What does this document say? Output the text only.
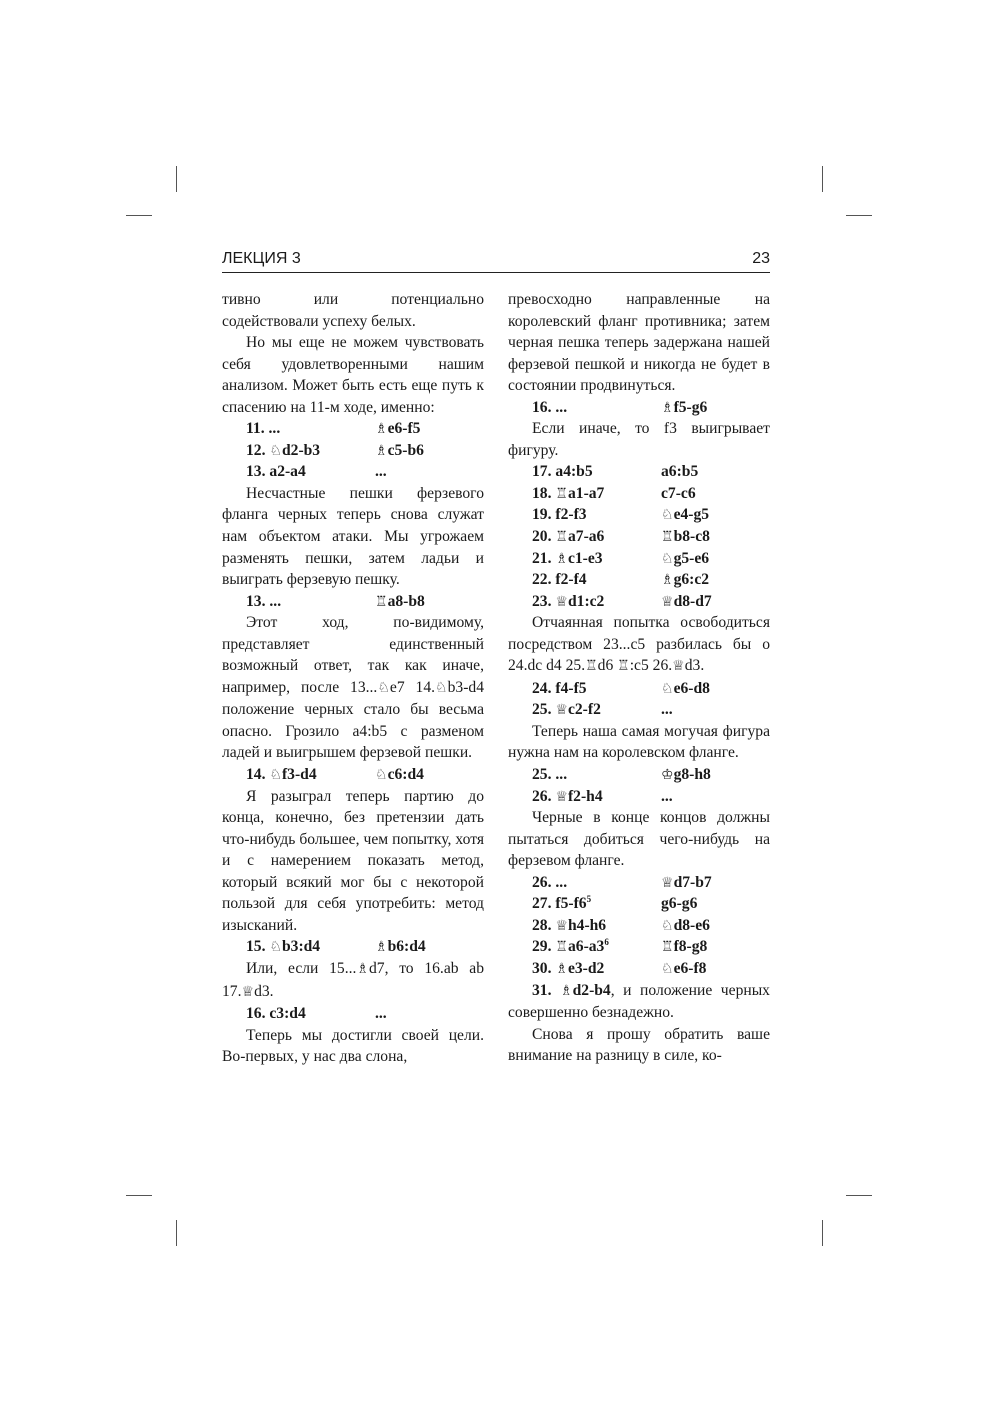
ЛЕКЦИЯ 3	23

тивно или потенциально содействовали успеху белых.

Но мы еще не можем чувствовать себя удовлетворенными нашим анализом. Может быть есть еще путь к спасению на 11-м ходе, именно:

11. ...	♗e6-f5
12. ♘d2-b3	♗c5-b6
13. a2-a4	...

Несчастные пешки ферзевого фланга черных теперь снова служат нам объектом атаки. Мы угрожаем разменять пешки, затем ладьи и выиграть ферзевую пешку.

13. ...	♖a8-b8

Этот ход, по-видимому, представляет единственный возможный ответ, так как иначе, например, после 13...♘e7 14.♘b3-d4 положение черных стало бы весьма опасно. Грозило a4:b5 с разменом ладей и выигрышем ферзевой пешки.

14. ♘f3-d4	♘c6:d4

Я разыграл теперь партию до конца, конечно, без претензии дать что-нибудь большее, чем попытку, хотя и с намерением показать метод, который всякий мог бы с некоторой пользой для себя употребить: метод изысканий.

15. ♘b3:d4	♗b6:d4

Или, если 15...♗d7, то 16.ab ab 17.♕d3.

16. c3:d4	...

Теперь мы достигли своей цели. Во-первых, у нас два слона,

превосходно направленные на королевский фланг противника; затем черная пешка теперь задержана нашей ферзевой пешкой и никогда не будет в состоянии продвинуться.

16. ...	♗f5-g6

Если иначе, то f3 выигрывает фигуру.

17. a4:b5	a6:b5
18. ♖a1-a7	c7-c6
19. f2-f3	♘e4-g5
20. ♖a7-a6	♖b8-c8
21. ♗c1-e3	♘g5-e6
22. f2-f4	♗g6:c2
23. ♕d1:c2	♕d8-d7

Отчаянная попытка освободиться посредством 23...c5 разбилась бы о 24.dc d4 25.♖d6 ♖:c5 26.♕d3.

24. f4-f5	♘e6-d8
25. ♕c2-f2	...

Теперь наша самая могучая фигура нужна нам на королевском фланге.

25. ...	♔g8-h8
26. ♕f2-h4	...

Черные в конце концов должны пытаться добиться чего-нибудь на ферзевом фланге.

26. ...	♕d7-b7
27. $f5-f6^5$	g6-g6
28. ♕h4-h6	♘d8-e6
29. $♖a6-a3^6$	♖f8-g8
30. ♗e3-d2	♘e6-f8

31. ♗d2-b4, и положение черных совершенно безнадежно.

Снова я прошу обратить ваше внимание на разницу в силе, ко-
